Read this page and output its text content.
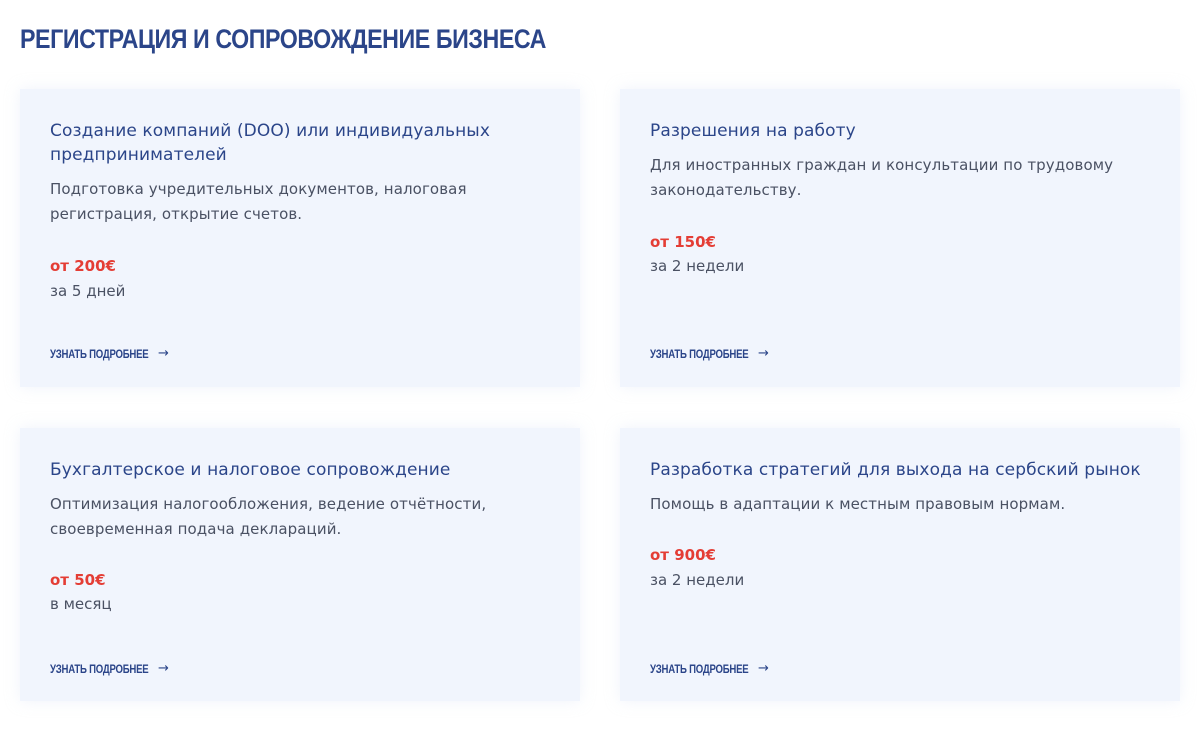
РЕГИСТРАЦИЯ И СОПРОВОЖДЕНИЕ БИЗНЕСА
Создание компаний (DOO) или индивидуальных предпринимателей

Подготовка учредительных документов, налоговая регистрация, открытие счетов.

от 200€

за 5 дней

УЗНАТЬ ПОДРОБНЕЕ →
Разрешения на работу

Для иностранных граждан и консультации по трудовому законодательству.

от 150€

за 2 недели

УЗНАТЬ ПОДРОБНЕЕ →
Бухгалтерское и налоговое сопровождение

Оптимизация налогообложения, ведение отчётности, своевременная подача деклараций.

от 50€

в месяц

УЗНАТЬ ПОДРОБНЕЕ →
Разработка стратегий для выхода на сербский рынок

Помощь в адаптации к местным правовым нормам.

от 900€

за 2 недели

УЗНАТЬ ПОДРОБНЕЕ →
